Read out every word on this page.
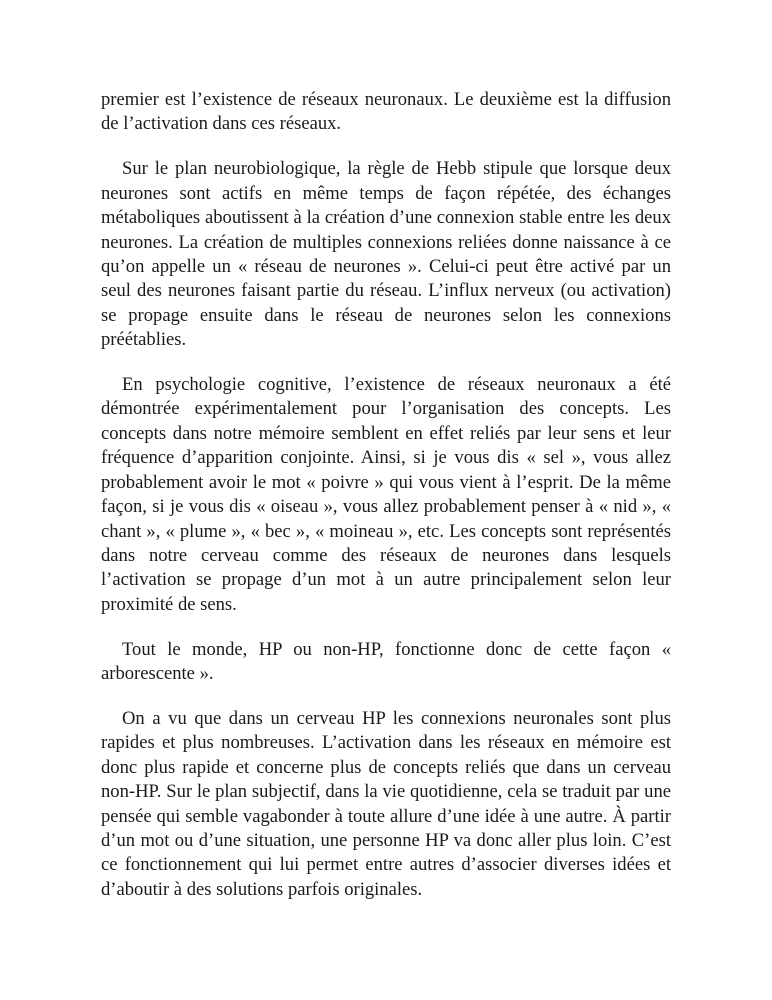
premier est l’existence de réseaux neuronaux. Le deuxième est la diffusion de l’activation dans ces réseaux.

Sur le plan neurobiologique, la règle de Hebb stipule que lorsque deux neurones sont actifs en même temps de façon répétée, des échanges métaboliques aboutissent à la création d’une connexion stable entre les deux neurones. La création de multiples connexions reliées donne naissance à ce qu’on appelle un « réseau de neurones ». Celui-ci peut être activé par un seul des neurones faisant partie du réseau. L’influx nerveux (ou activation) se propage ensuite dans le réseau de neurones selon les connexions préétablies.

En psychologie cognitive, l’existence de réseaux neuronaux a été démontrée expérimentalement pour l’organisation des concepts. Les concepts dans notre mémoire semblent en effet reliés par leur sens et leur fréquence d’apparition conjointe. Ainsi, si je vous dis « sel », vous allez probablement avoir le mot « poivre » qui vous vient à l’esprit. De la même façon, si je vous dis « oiseau », vous allez probablement penser à « nid », « chant », « plume », « bec », « moineau », etc. Les concepts sont représentés dans notre cerveau comme des réseaux de neurones dans lesquels l’activation se propage d’un mot à un autre principalement selon leur proximité de sens.

Tout le monde, HP ou non-HP, fonctionne donc de cette façon « arborescente ».

On a vu que dans un cerveau HP les connexions neuronales sont plus rapides et plus nombreuses. L’activation dans les réseaux en mémoire est donc plus rapide et concerne plus de concepts reliés que dans un cerveau non-HP. Sur le plan subjectif, dans la vie quotidienne, cela se traduit par une pensée qui semble vagabonder à toute allure d’une idée à une autre. À partir d’un mot ou d’une situation, une personne HP va donc aller plus loin. C’est ce fonctionnement qui lui permet entre autres d’associer diverses idées et d’aboutir à des solutions parfois originales.
